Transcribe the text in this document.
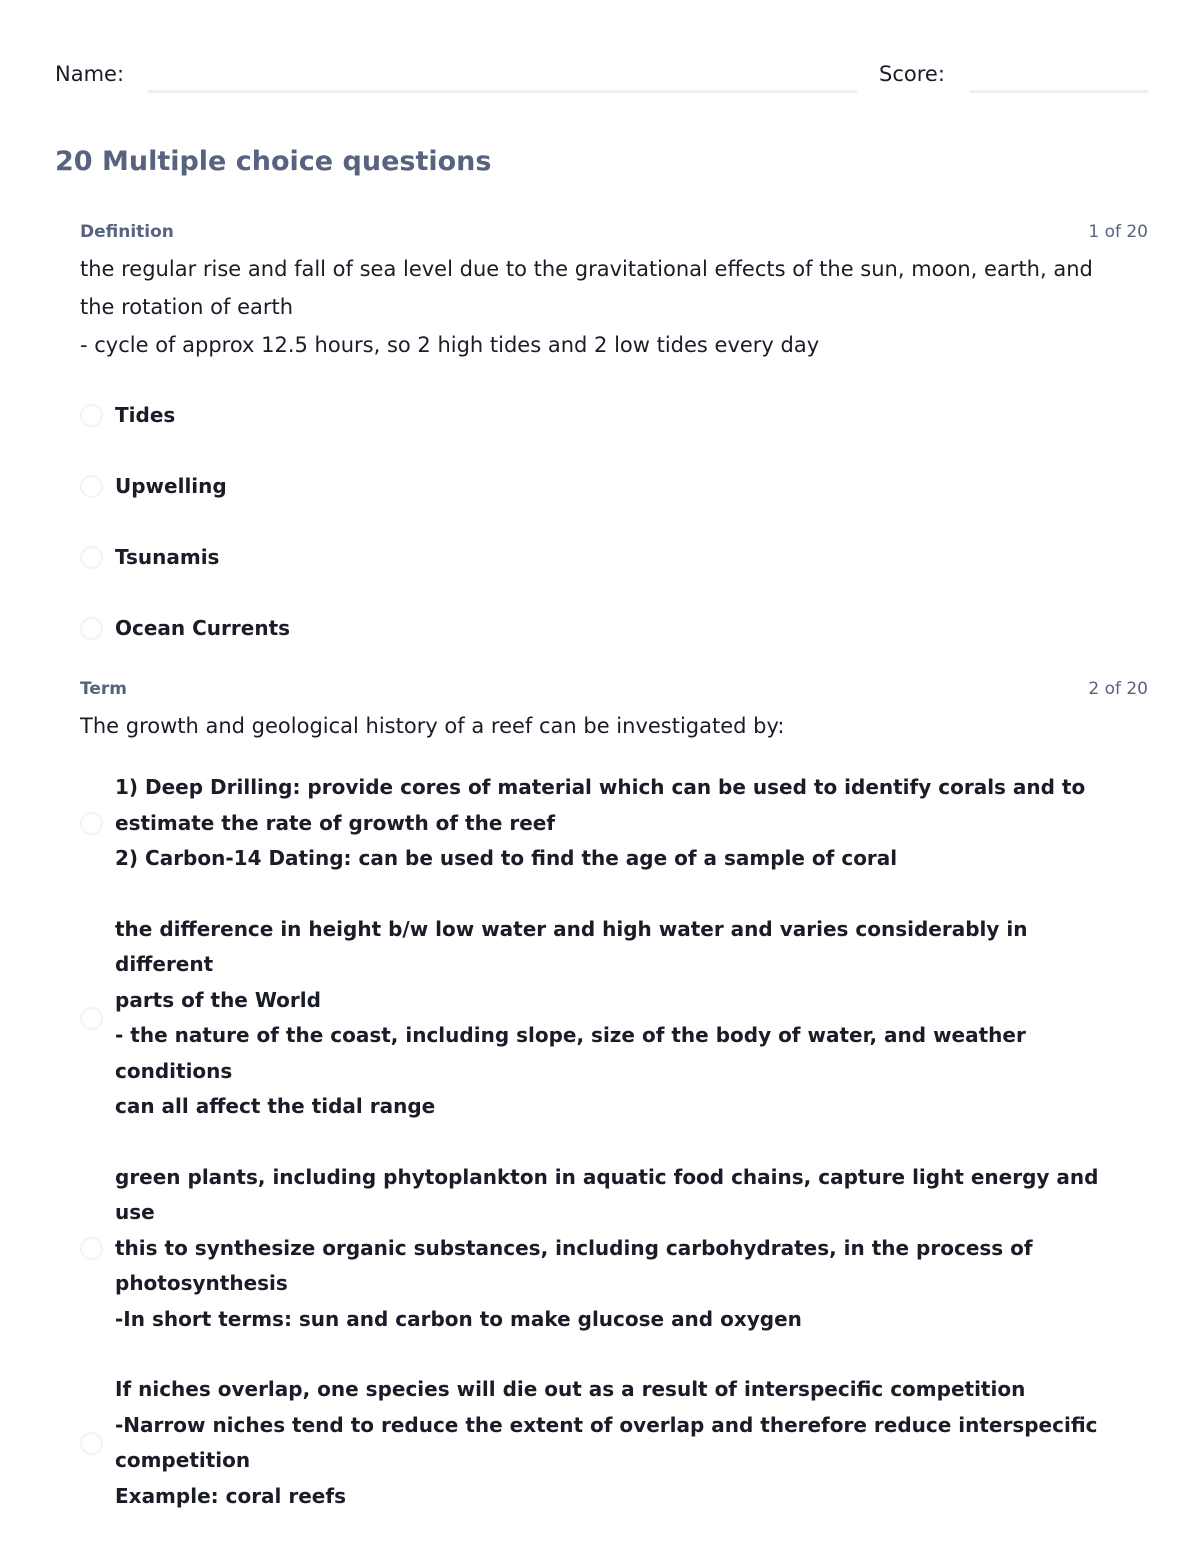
Name:	Score:
20 Multiple choice questions
Definition	1 of 20

the regular rise and fall of sea level due to the gravitational effects of the sun, moon, earth, and
the rotation of earth
- cycle of approx 12.5 hours, so 2 high tides and 2 low tides every day

Tides
Upwelling
Tsunamis
Ocean Currents
Term	2 of 20

The growth and geological history of a reef can be investigated by:

1) Deep Drilling: provide cores of material which can be used to identify corals and to
estimate the rate of growth of the reef
2) Carbon-14 Dating: can be used to find the age of a sample of coral
the difference in height b/w low water and high water and varies considerably in different
parts of the World
- the nature of the coast, including slope, size of the body of water, and weather conditions
can all affect the tidal range
green plants, including phytoplankton in aquatic food chains, capture light energy and use
this to synthesize organic substances, including carbohydrates, in the process of
photosynthesis
-In short terms: sun and carbon to make glucose and oxygen
If niches overlap, one species will die out as a result of interspecific competition
-Narrow niches tend to reduce the extent of overlap and therefore reduce interspecific
competition
Example: coral reefs
